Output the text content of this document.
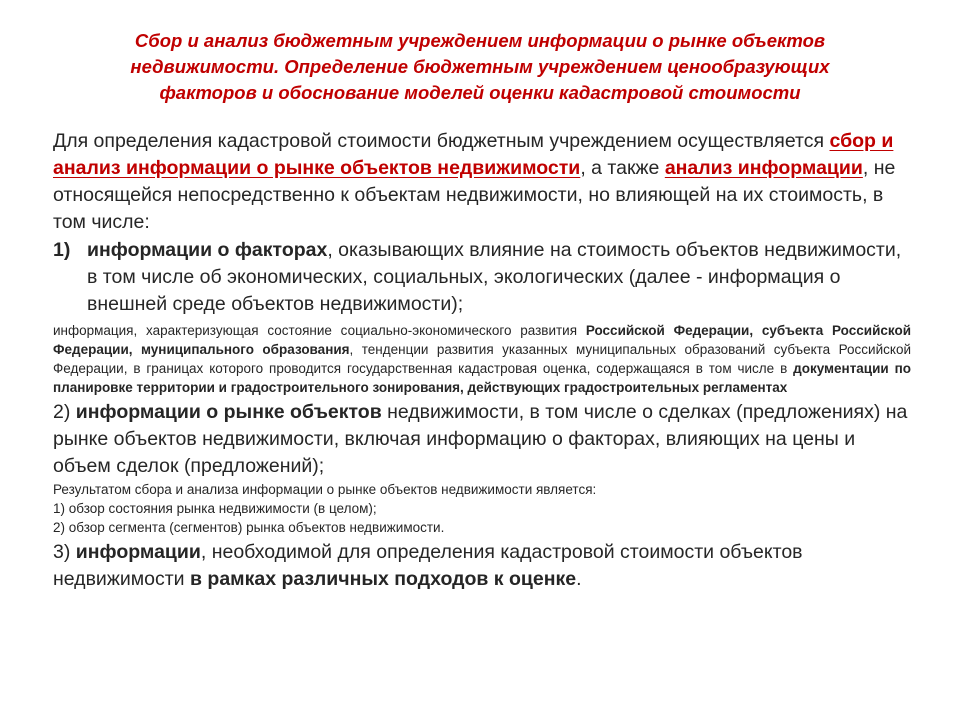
Сбор и анализ бюджетным учреждением информации о рынке объектов
недвижимости. Определение бюджетным учреждением ценообразующих
факторов и обоснование моделей оценки кадастровой стоимости

Для определения кадастровой стоимости бюджетным учреждением осуществляется сбор и анализ информации о рынке объектов недвижимости, а также анализ информации, не относящейся непосредственно к объектам недвижимости, но влияющей на их стоимость, в том числе:

1) информации о факторах, оказывающих влияние на стоимость объектов недвижимости, в том числе об экономических, социальных, экологических (далее - информация о внешней среде объектов недвижимости);

информация, характеризующая состояние социально-экономического развития Российской Федерации, субъекта Российской Федерации, муниципального образования, тенденции развития указанных муниципальных образований субъекта Российской Федерации, в границах которого проводится государственная кадастровая оценка, содержащаяся в том числе в документации по планировке территории и градостроительного зонирования, действующих градостроительных регламентах

2) информации о рынке объектов недвижимости, в том числе о сделках (предложениях) на рынке объектов недвижимости, включая информацию о факторах, влияющих на цены и объем сделок (предложений);

Результатом сбора и анализа информации о рынке объектов недвижимости является:

1) обзор состояния рынка недвижимости (в целом);

2) обзор сегмента (сегментов) рынка объектов недвижимости.

3) информации, необходимой для определения кадастровой стоимости объектов недвижимости в рамках различных подходов к оценке.
